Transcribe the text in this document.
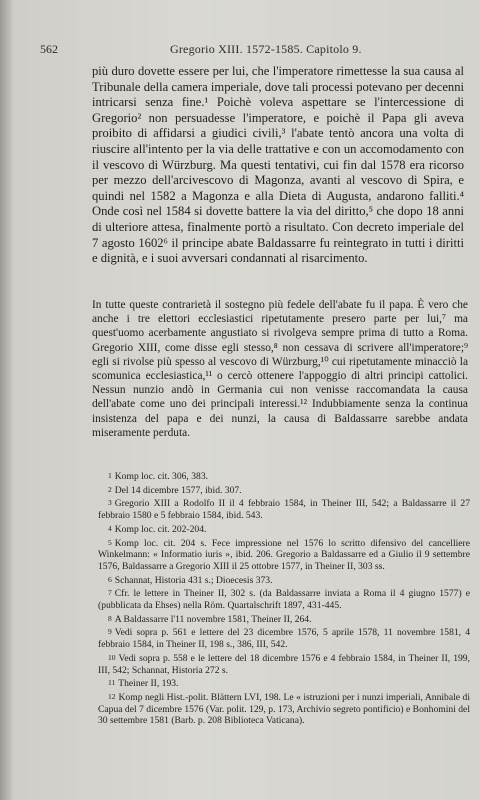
562	Gregorio XIII. 1572-1585. Capitolo 9.

più duro dovette essere per lui, che l'imperatore rimettesse la sua causa al Tribunale della camera imperiale, dove tali processi potevano per decenni intricarsi senza fine.¹ Poichè voleva aspettare se l'intercessione di Gregorio² non persuadesse l'imperatore, e poichè il Papa gli aveva proibito di affidarsi a giudici civili,³ l'abate tentò ancora una volta di riuscire all'intento per la via delle trattative e con un accomodamento con il vescovo di Würzburg. Ma questi tentativi, cui fin dal 1578 era ricorso per mezzo dell'arcivescovo di Magonza, avanti al vescovo di Spira, e quindi nel 1582 a Magonza e alla Dieta di Augusta, andarono falliti.⁴ Onde così nel 1584 si dovette battere la via del diritto,⁵ che dopo 18 anni di ulteriore attesa, finalmente portò a risultato. Con decreto imperiale del 7 agosto 1602⁶ il principe abate Baldassarre fu reintegrato in tutti i diritti e dignità, e i suoi avversari condannati al risarcimento.

In tutte queste contrarietà il sostegno più fedele dell'abate fu il papa. È vero che anche i tre elettori ecclesiastici ripetutamente presero parte per lui,⁷ ma quest'uomo acerbamente angustiato si rivolgeva sempre prima di tutto a Roma. Gregorio XIII, come disse egli stesso,⁸ non cessava di scrivere all'imperatore;⁹ egli si rivolse più spesso al vescovo di Würzburg,¹⁰ cui ripetutamente minacciò la scomunica ecclesiastica,¹¹ o cercò ottenere l'appoggio di altri principi cattolici. Nessun nunzio andò in Germania cui non venisse raccomandata la causa dell'abate come uno dei principali interessi.¹² Indubbiamente senza la continua insistenza del papa e dei nunzi, la causa di Baldassarre sarebbe andata miseramente perduta.

1 Komp loc. cit. 306, 383.

2 Del 14 dicembre 1577, ibid. 307.

3 Gregorio XIII a Rodolfo II il 4 febbraio 1584, in Theiner III, 542; a Baldassarre il 27 febbraio 1580 e 5 febbraio 1584, ibid. 543.

4 Komp loc. cit. 202-204.

5 Komp loc. cit. 204 s. Fece impressione nel 1576 lo scritto difensivo del cancelliere Winkelmann: « Informatio iuris », ibid. 206. Gregorio a Baldassarre ed a Giulio il 9 settembre 1576, Baldassarre a Gregorio XIII il 25 ottobre 1577, in Theiner II, 303 ss.

6 Schannat, Historia 431 s.; Dioecesis 373.

7 Cfr. le lettere in Theiner II, 302 s. (da Baldassarre inviata a Roma il 4 giugno 1577) e (pubblicata da Ehses) nella Röm. Quartalschrift 1897, 431-445.

8 A Baldassarre l'11 novembre 1581, Theiner II, 264.

9 Vedi sopra p. 561 e lettere del 23 dicembre 1576, 5 aprile 1578, 11 novembre 1581, 4 febbraio 1584, in Theiner II, 198 s., 386, III, 542.

10 Vedi sopra p. 558 e le lettere del 18 dicembre 1576 e 4 febbraio 1584, in Theiner II, 199, III, 542; Schannat, Historia 272 s.

11 Theiner II, 193.

12 Komp negli Hist.-polit. Blättern LVI, 198. Le « istruzioni per i nunzi imperiali, Annibale di Capua del 7 dicembre 1576 (Var. polit. 129, p. 173, Archivio segreto pontificio) e Bonhomini del 30 settembre 1581 (Barb. p. 208 Biblioteca Vaticana).
